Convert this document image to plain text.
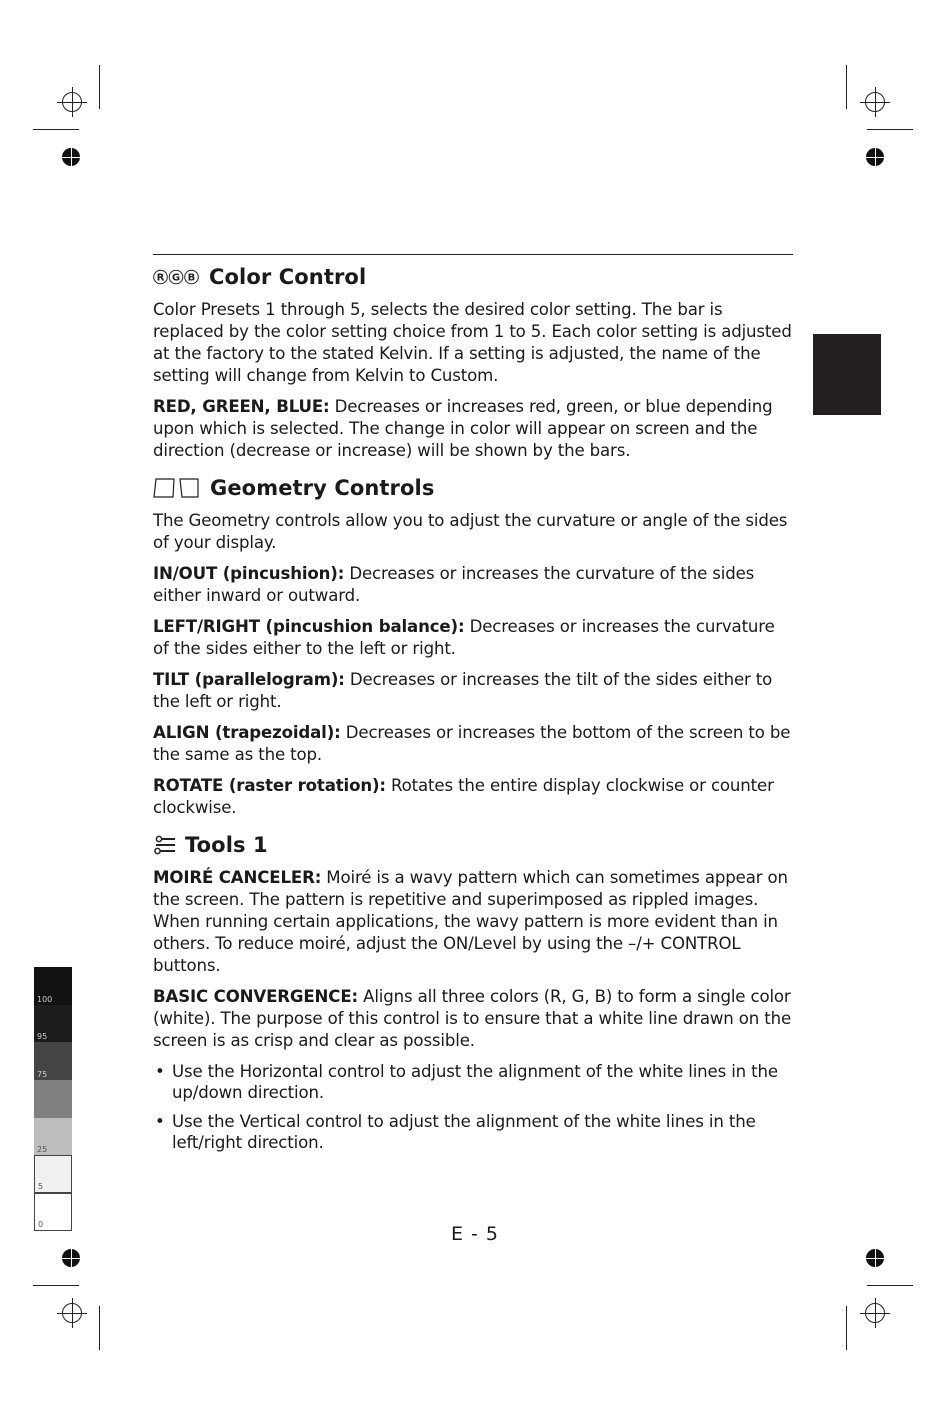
100
95
75
25
5
0
R G B Color Control

Color Presets 1 through 5, selects the desired color setting. The bar is replaced by the color setting choice from 1 to 5. Each color setting is adjusted at the factory to the stated Kelvin. If a setting is adjusted, the name of the setting will change from Kelvin to Custom.

RED, GREEN, BLUE: Decreases or increases red, green, or blue depending upon which is selected. The change in color will appear on screen and the direction (decrease or increase) will be shown by the bars.

Geometry Controls

The Geometry controls allow you to adjust the curvature or angle of the sides of your display.

IN/OUT (pincushion): Decreases or increases the curvature of the sides either inward or outward.

LEFT/RIGHT (pincushion balance): Decreases or increases the curvature of the sides either to the left or right.

TILT (parallelogram): Decreases or increases the tilt of the sides either to the left or right.

ALIGN (trapezoidal): Decreases or increases the bottom of the screen to be the same as the top.

ROTATE (raster rotation): Rotates the entire display clockwise or counter clockwise.

Tools 1

MOIRÉ CANCELER: Moiré is a wavy pattern which can sometimes appear on the screen. The pattern is repetitive and superimposed as rippled images. When running certain applications, the wavy pattern is more evident than in others. To reduce moiré, adjust the ON/Level by using the –/+ CONTROL buttons.

BASIC CONVERGENCE: Aligns all three colors (R, G, B) to form a single color (white). The purpose of this control is to ensure that a white line drawn on the screen is as crisp and clear as possible.

• Use the Horizontal control to adjust the alignment of the white lines in the up/down direction.
• Use the Vertical control to adjust the alignment of the white lines in the left/right direction.
E - 5
